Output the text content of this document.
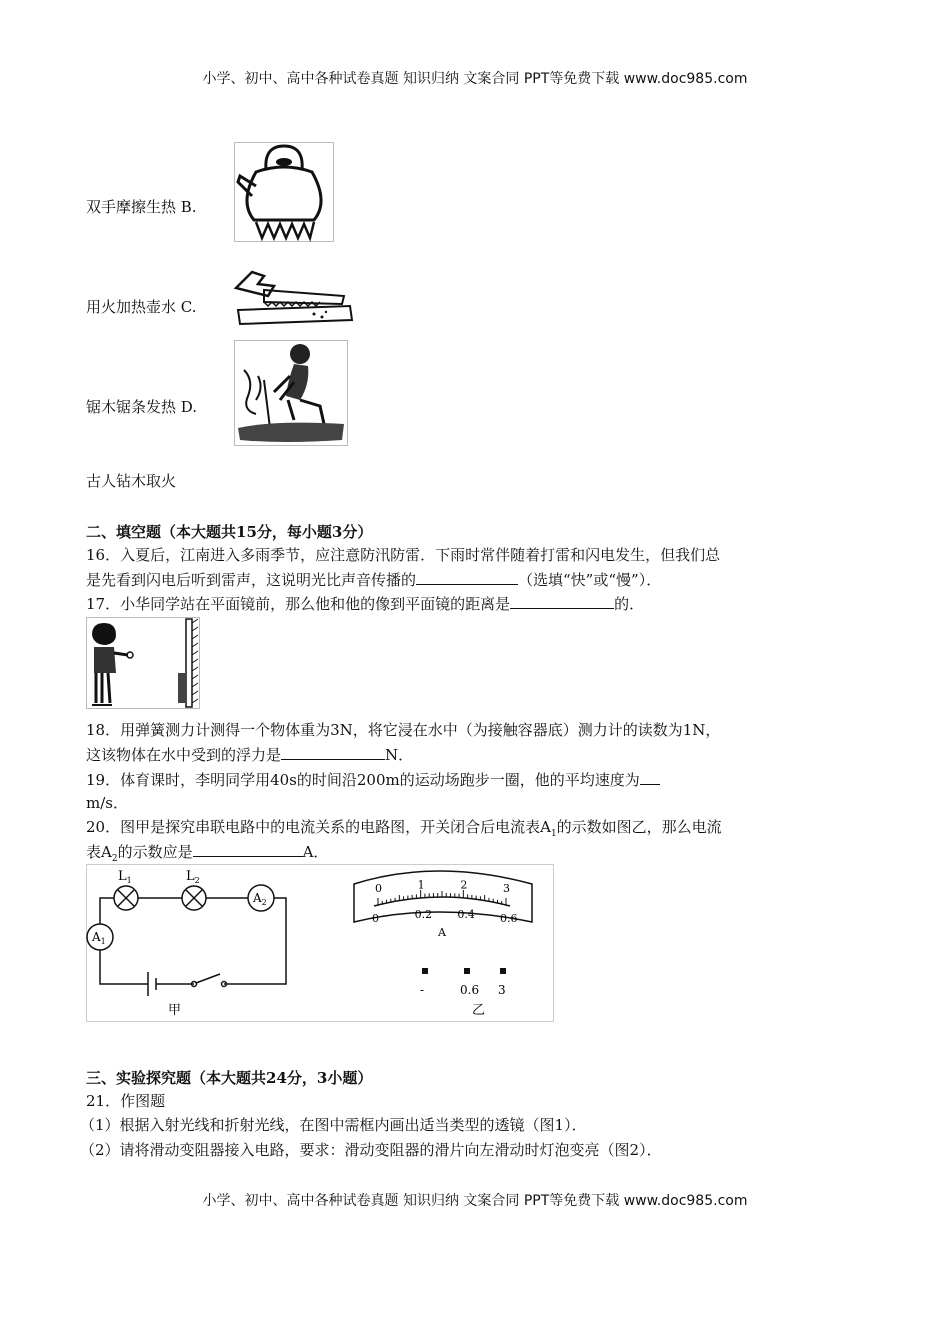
小学、初中、高中各种试卷真题 知识归纳 文案合同 PPT等免费下载 www.doc985.com
双手摩擦生热 B.
用火加热壶水 C.
锯木锯条发热 D.
古人钻木取火
二、填空题（本大题共15分，每小题3分）
16．入夏后，江南进入多雨季节，应注意防汛防雷．下雨时常伴随着打雷和闪电发生，但我们总
是先看到闪电后听到雷声，这说明光比声音传播的	（选填“快”或“慢”）．
17．小华同学站在平面镜前，那么他和他的像到平面镜的距离是	的．
18．用弹簧测力计测得一个物体重为3N，将它浸在水中（为接触容器底）测力计的读数为1N，
这该物体在水中受到的浮力是	N．
19．体育课时，李明同学用40s的时间沿200m的运动场跑步一圈，他的平均速度为
m/s．
20．图甲是探究串联电路中的电流关系的电路图，开关闭合后电流表$A_1$的示数如图乙，那么电流
表$A_2$的示数应是	A．
$L_1$	$L_2$
$A_2$
$A_1$
甲
0	1	2	3
0	0.2 0.4 0.6
A
-	0.6 3
乙
三、实验探究题（本大题共24分，3小题）
21．作图题
（1）根据入射光线和折射光线，在图中需框内画出适当类型的透镜（图1）．
（2）请将滑动变阻器接入电路，要求：滑动变阻器的滑片向左滑动时灯泡变亮（图2）．
小学、初中、高中各种试卷真题 知识归纳 文案合同 PPT等免费下载 www.doc985.com
